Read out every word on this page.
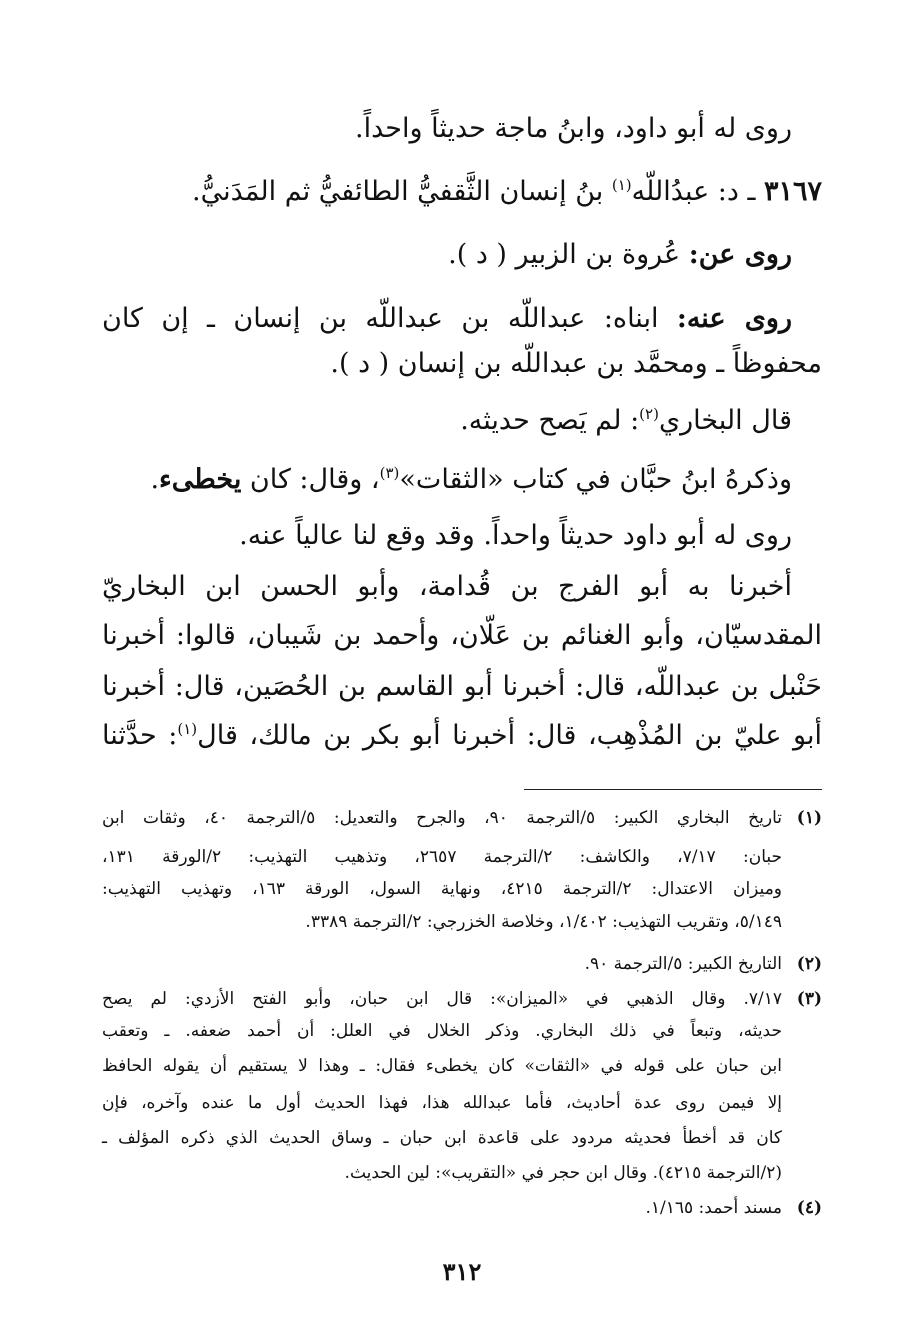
روى له أبو داود، وابنُ ماجة حديثاً واحداً.
٣١٦٧ ـ د: عبدُاللّه$^{(١)}$ بنُ إنسان الثَّقفيُّ الطائفيُّ ثم المَدَنيُّ.
روى عن: عُروة بن الزبير ( د ).
روى عنه: ابناه: عبداللّه بن عبداللّه بن إنسان ـ إن كان
محفوظاً ـ ومحمَّد بن عبداللّه بن إنسان ( د ).
قال البخاري$^{(٢)}$: لم يَصح حديثه.
وذكرهُ ابنُ حبَّان في كتاب «الثقات»$^{(٣)}$، وقال: كان يخطىء.
روى له أبو داود حديثاً واحداً. وقد وقع لنا عالياً عنه.
أخبرنا به أبو الفرج بن قُدامة، وأبو الحسن ابن البخاريّ
المقدسيّان، وأبو الغنائم بن عَلّان، وأحمد بن شَيبان، قالوا: أخبرنا
حَنْبل بن عبداللّه، قال: أخبرنا أبو القاسم بن الحُصَين، قال: أخبرنا
أبو عليّ بن المُذْهِب، قال: أخبرنا أبو بكر بن مالك، قال$^{(١)}$: حدَّثنا
(١)
تاريخ البخاري الكبير: ٥/الترجمة ٩٠، والجرح والتعديل: ٥/الترجمة ٤٠، وثقات ابن
حبان: ٧/١٧، والكاشف: ٢/الترجمة ٢٦٥٧، وتذهيب التهذيب: ٢/الورقة ١٣١،
وميزان الاعتدال: ٢/الترجمة ٤٢١٥، ونهاية السول، الورقة ١٦٣، وتهذيب التهذيب:
٥/١٤٩، وتقريب التهذيب: ١/٤٠٢، وخلاصة الخزرجي: ٢/الترجمة ٣٣٨٩.
(٢)
التاريخ الكبير: ٥/الترجمة ٩٠.
(٣)
٧/١٧. وقال الذهبي في «الميزان»: قال ابن حبان، وأبو الفتح الأزدي: لم يصح
حديثه، وتبعاً في ذلك البخاري. وذكر الخلال في العلل: أن أحمد ضعفه. ـ وتعقب
ابن حبان على قوله في «الثقات» كان يخطىء فقال: ـ وهذا لا يستقيم أن يقوله الحافظ
إلا فيمن روى عدة أحاديث، فأما عبدالله هذا، فهذا الحديث أول ما عنده وآخره، فإن
كان قد أخطأ فحديثه مردود على قاعدة ابن حبان ـ وساق الحديث الذي ذكره المؤلف ـ
(٢/الترجمة ٤٢١٥). وقال ابن حجر في «التقريب»: لين الحديث.
(٤)
مسند أحمد: ١/١٦٥.
٣١٢
